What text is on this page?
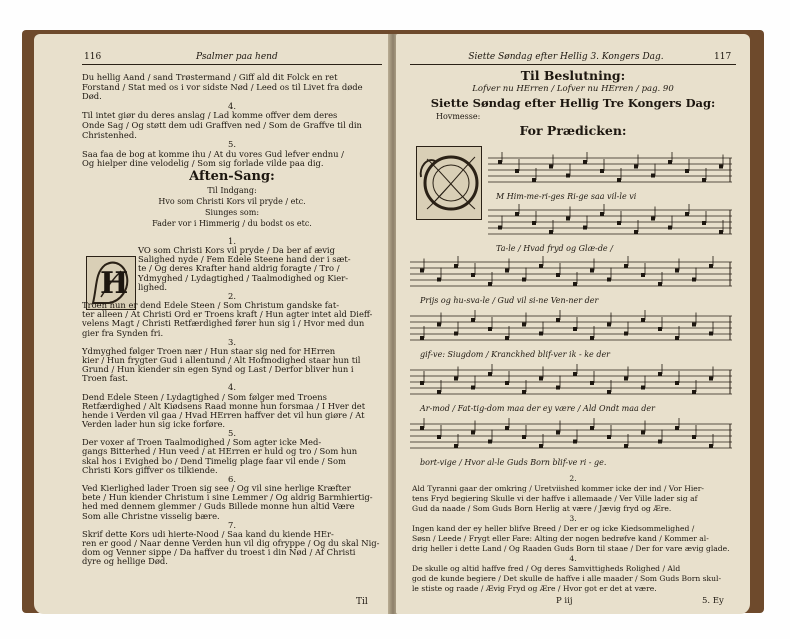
116	Psalmer paa hend
Du hellig Aand / sand Trøstermand / Giff ald dit Folck en ret
Forstand / Stat med os i vor sidste Nød / Leed os til Livet fra døde
Død.
4.
Til intet giør du deres anslag / Lad komme offver dem deres
Onde Sag / Og støtt dem udi Graffven ned / Som de Graffve til din
Christenhed.
5.
Saa faa de bog at komme ihu / At du vores Gud lefver endnu /
Og hielper dine velodelig / Som sig forlade vilde paa dig.
Aften-Sang:
Til Indgang:
Hvo som Christi Kors vil pryde / etc.
Siunges som:
Fader vor i Himmerig / du bodst os etc.
H
1.
VO som Christi Kors vil pryde / Da ber af ævig
Salighed nyde / Fem Edele Steene hand der i sæt-
te / Og deres Krafter hand aldrig foragte / Tro /
Ydmyghed / Lydagtighed / Taalmodighed og Kier-
lighed.
2.
Troen hun er dend Edele Steen / Som Christum gandske fat-
ter alleen / At Christi Ord er Troens kraft / Hun agter intet ald Dieff-
velens Magt / Christi Retfærdighed fører hun sig i / Hvor med dun
gier fra Synden fri.
3.
Ydmyghed følger Troen nær / Hun staar sig ned for HErren
kier / Hun frygter Gud i allentund / Alt Hofmodighed staar hun til
Grund / Hun kiender sin egen Synd og Last / Derfor bliver hun i
Troen fast.
4.
Dend Edele Steen / Lydagtighed / Som følger med Troens
Retfærdighed / Alt Kiødsens Raad monne hun forsmaa / I Hver det
hende i Verden vil gaa / Hvad HErren haffver det vil hun giøre / At
Verden lader hun sig icke forføre.
5.
Der voxer af Troen Taalmodighed / Som agter icke Med-
gangs Bitterhed / Hun veed / at HErren er huld og tro / Som hun
skal hos i Evighed bo / Dend Timelig plage faar vil ende / Som
Christi Kors giffver os tilkiende.
6.
Ved Kierlighed lader Troen sig see / Og vil sine herlige Kræfter
bete / Hun kiender Christum i sine Lemmer / Og aldrig Barmhiertig-
hed med dennem glemmer / Guds Billede monne hun altid Være
Som alle Christne visselig bære.
7.
Skrif dette Kors udi hierte-Nood / Saa kand du kiende HEr-
ren er good / Naar denne Verden hun vil dig ofryppe / Og du skal Nig-
dom og Venner sippe / Da haffver du troest i din Nød / Af Christi
dyre og hellige Død.
Til
Siette Søndag efter Hellig 3. Kongers Dag.	117
Til Beslutning:
Lofver nu HErren / Lofver nu HErren / pag. 90
Siette Søndag efter Hellig Tre Kongers Dag:
Hovmesse:
For Prædicken:
M Him-me-ri-ges Ri-ge saa vil-le vi
Ta-le / Hvad fryd og Glæ-de /
Prijs og hu-sva-le / Gud vil si-ne Ven-ner der
gif-ve: Siugdom / Kranckhed blif-ver ik - ke der
Ar-mod / Fat-tig-dom maa der ey være / Ald Ondt maa der
bort-vige / Hvor al-le Guds Born blif-ve ri - ge.
2.
Ald Tyranni gaar der omkring / Uretviished kommer icke der ind / Vor Hier-
tens Fryd begiering Skulle vi der haffve i allemaade / Ver Ville lader sig af
Gud da naade / Som Guds Born Herlig at være / Jævig fryd og Ære.
3.
Ingen kand der ey heller blifve Breed / Der er og icke Kiedsommelighed /
Søsn / Leede / Frygt eller Fare: Alting der nogen bedrøfve kand / Kommer al-
drig heller i dette Land / Og Raaden Guds Born til staae / Der for vare ævig glade.
4.
De skulle og altid haffve fred / Og deres Samvittigheds Rolighed / Ald
god de kunde begiere / Det skulle de haffve i alle maader / Som Guds Born skul-
le stiste og raade / Ævig Fryd og Ære / Hvor got er det at være.
P iij	5. Ey
